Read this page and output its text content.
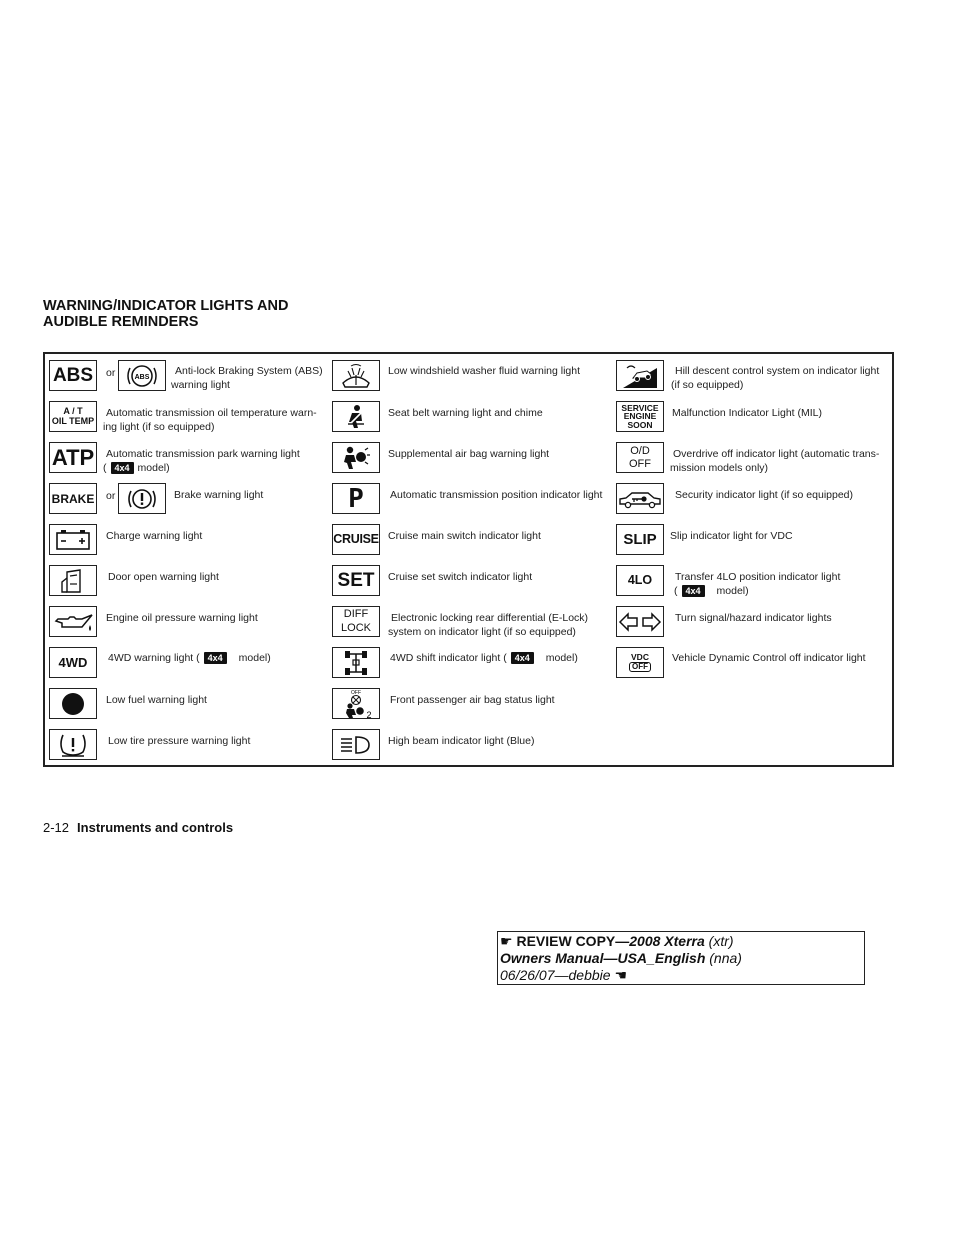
WARNING/INDICATOR LIGHTS AND
AUDIBLE REMINDERS
ABS or	ABS Anti-lock Braking System (ABS)
warning light
A / T
OIL TEMP
Automatic transmission oil temperature warn-
ing light (if so equipped)
ATP Automatic transmission park warning light
( 4x4 model)
BRAKE or	Brake warning light
Charge warning light
Door open warning light
Engine oil pressure warning light
4WD 4WD warning light ( 4x4 model)
Low fuel warning light
Low tire pressure warning light
Low windshield washer fluid warning light
Seat belt warning light and chime
Supplemental air bag warning light
P Automatic transmission position indicator light
CRUISE Cruise main switch indicator light
SET Cruise set switch indicator light
DIFF
LOCK
Electronic locking rear differential (E-Lock)
system on indicator light (if so equipped)
4WD shift indicator light ( 4x4 model)
OFF
2
Front passenger air bag status light
High beam indicator light (Blue)
Hill descent control system on indicator light
(if so equipped)
SERVICE
ENGINE
SOON
Malfunction Indicator Light (MIL)
O/D
OFF
Overdrive off indicator light (automatic trans-
mission models only)
Security indicator light (if so equipped)
SLIP Slip indicator light for VDC
4LO Transfer 4LO position indicator light
( 4x4 model)
Turn signal/hazard indicator lights
VDC
OFF
Vehicle Dynamic Control off indicator light
2-12 Instruments and controls
☛ REVIEW COPY—2008 Xterra (xtr)
Owners Manual—USA_English (nna)
06/26/07—debbie ☚
